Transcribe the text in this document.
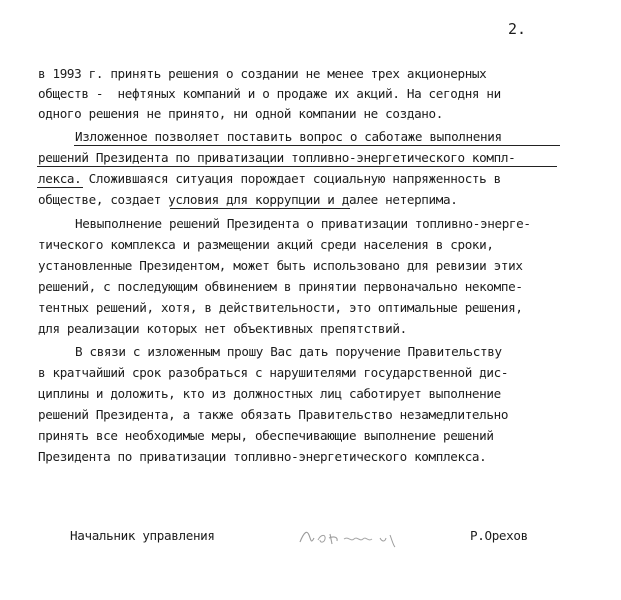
2.
в 1993 г. принять решения о создании не менее трех акционерных
обществ -  нефтяных компаний и о продаже их акций. На сегодня ни
одного решения не принято, ни одной компании не создано.
Изложенное позволяет поставить вопрос о саботаже выполнения
решений Президента по приватизации топливно-энергетического компл-
лекса. Сложившаяся ситуация порождает социальную напряженность в
обществе, создает условия для коррупции и далее нетерпима.
Невыполнение решений Президента о приватизации топливно-энерге-
тического комплекса и размещении акций среди населения в сроки,
установленные Президентом, может быть использовано для ревизии этих
решений, с последующим обвинением в принятии первоначально некомпе-
тентных решений, хотя, в действительности, это оптимальные решения,
для реализации которых нет объективных препятствий.
В связи с изложенным прошу Вас дать поручение Правительству
в кратчайший срок разобраться с нарушителями государственной дис-
циплины и доложить, кто из должностных лиц саботирует выполнение
решений Президента, а также обязать Правительство незамедлительно
принять все необходимые меры, обеспечивающие выполнение решений
Президента по приватизации топливно-энергетического комплекса.
Начальник управления	Р.Орехов
